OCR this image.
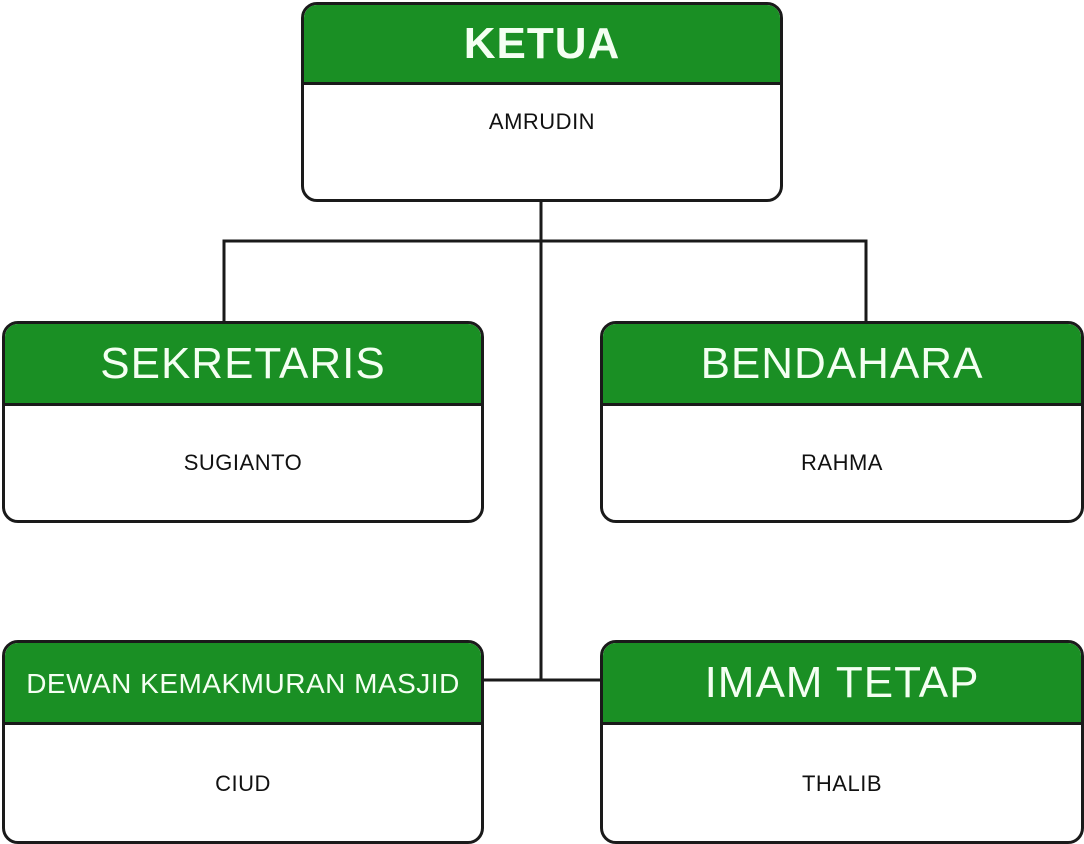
KETUA
AMRUDIN
SEKRETARIS
SUGIANTO
BENDAHARA
RAHMA
DEWAN KEMAKMURAN MASJID
CIUD
IMAM TETAP
THALIB
